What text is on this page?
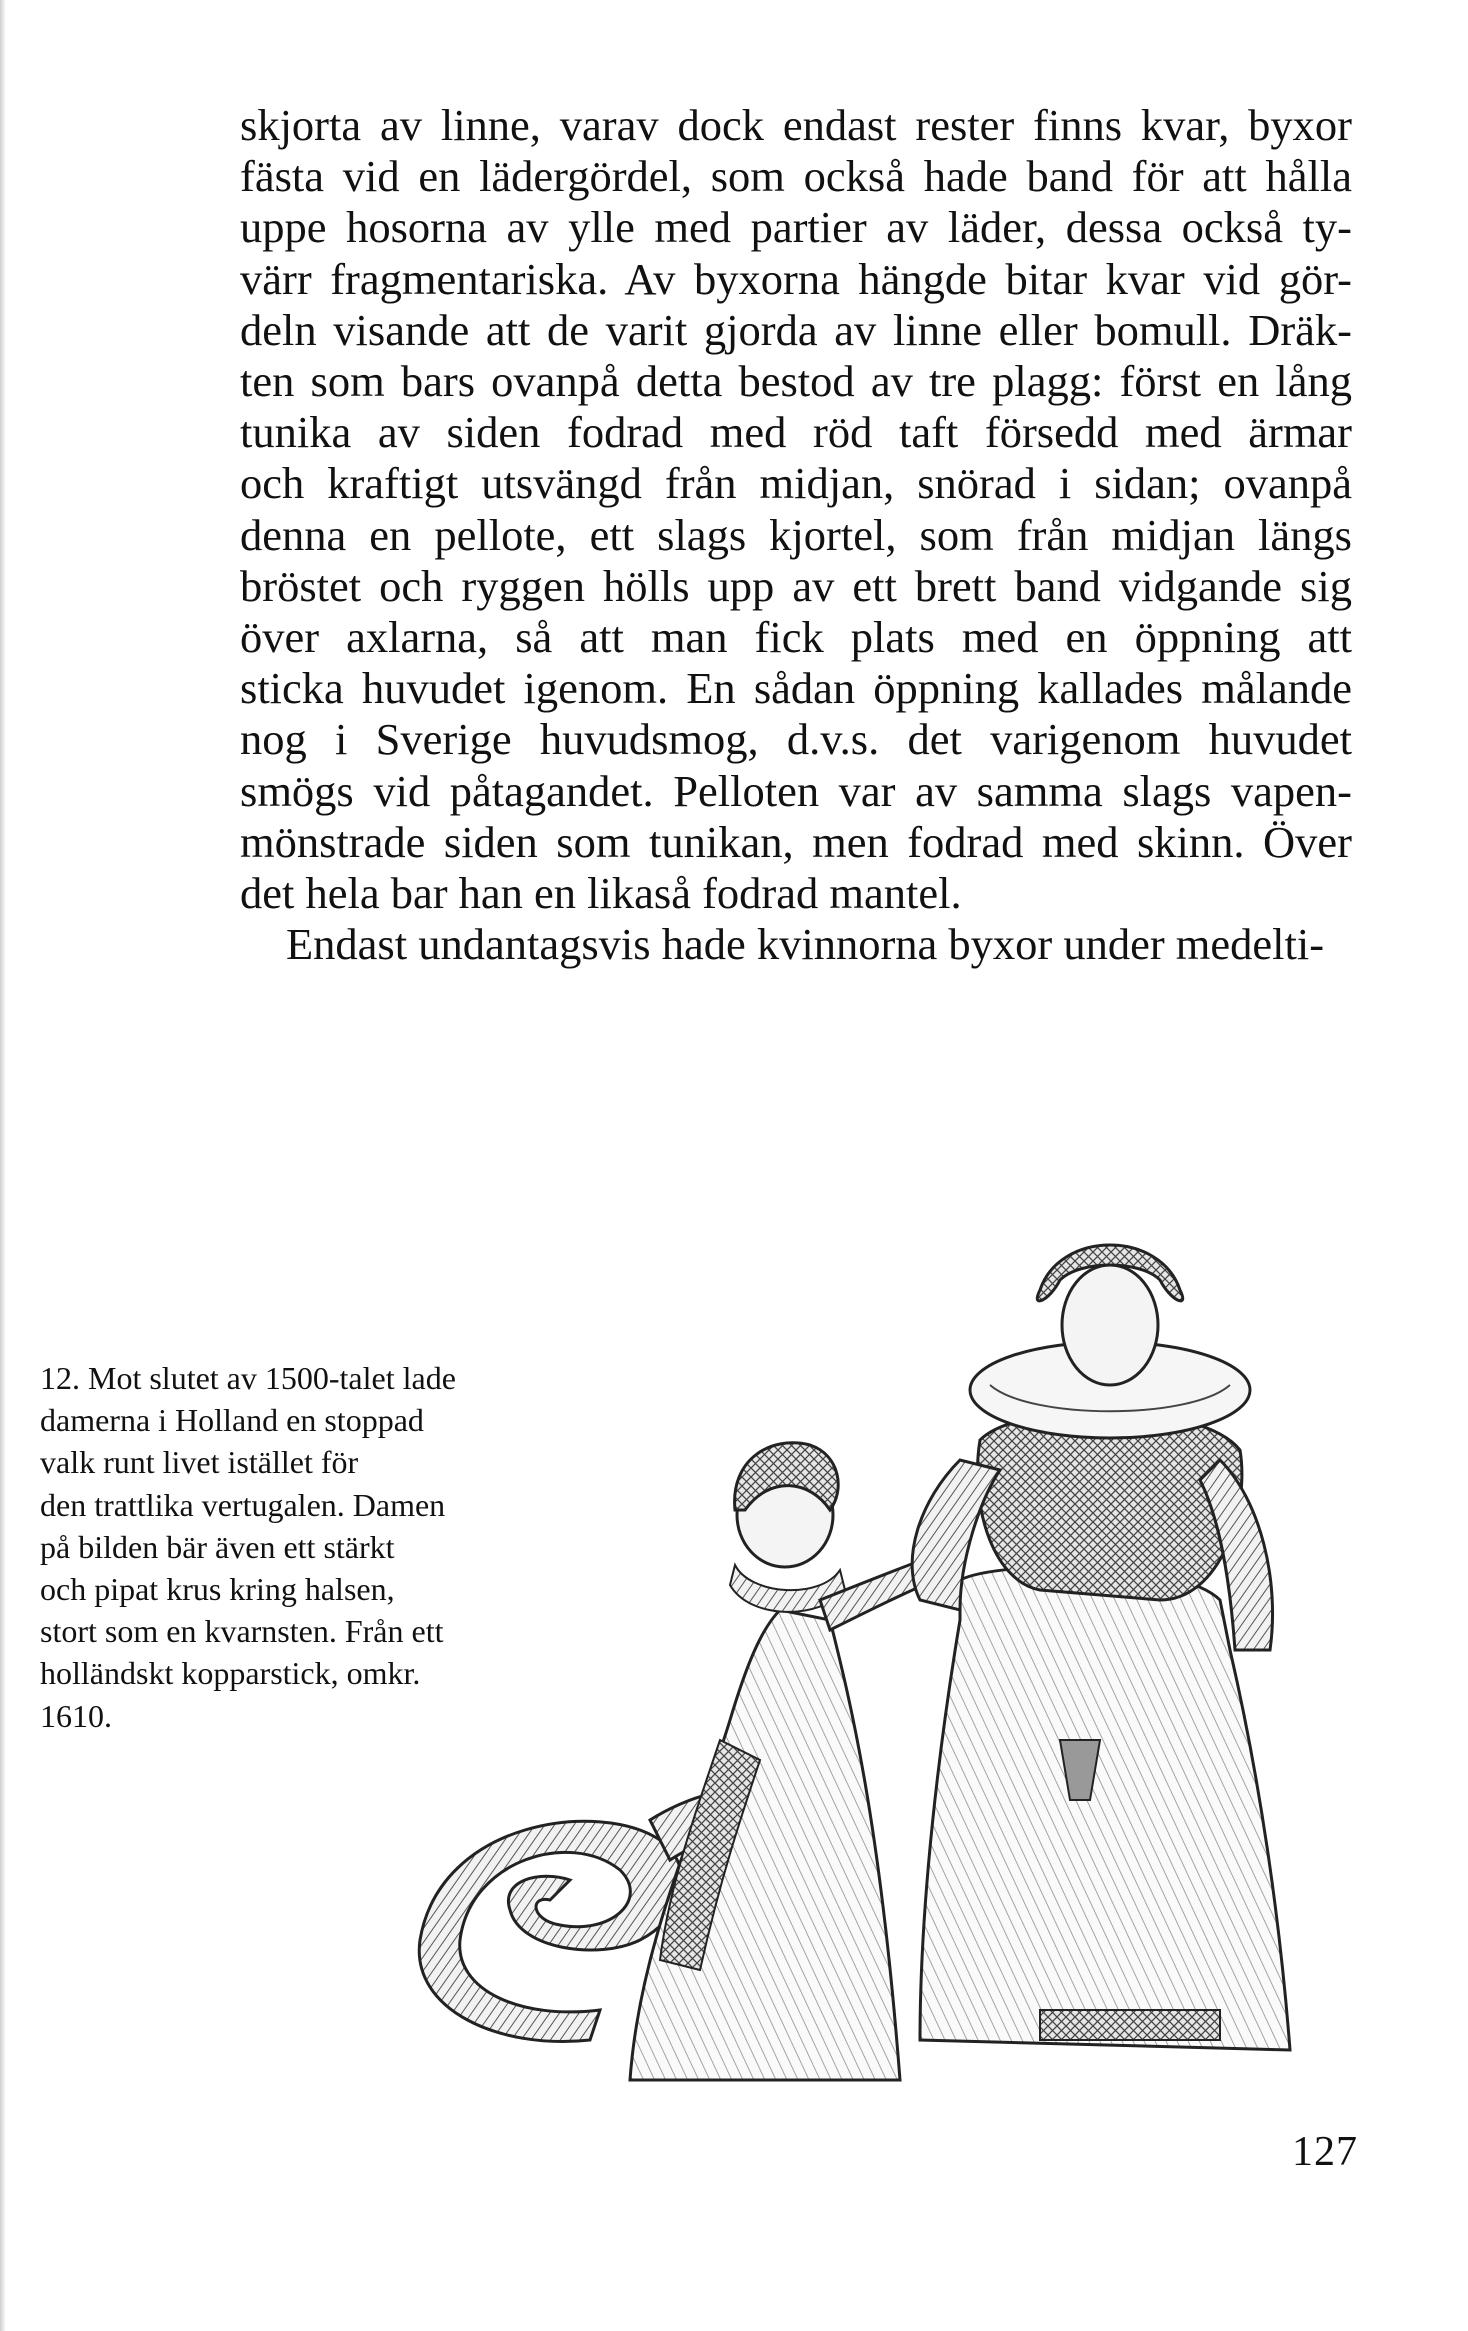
skjorta av linne, varav dock endast rester finns kvar, byxor
fästa vid en lädergördel, som också hade band för att hålla
uppe hosorna av ylle med partier av läder, dessa också ty-
värr fragmentariska. Av byxorna hängde bitar kvar vid gör-
deln visande att de varit gjorda av linne eller bomull. Dräk-
ten som bars ovanpå detta bestod av tre plagg: först en lång
tunika av siden fodrad med röd taft försedd med ärmar
och kraftigt utsvängd från midjan, snörad i sidan; ovanpå
denna en pellote, ett slags kjortel, som från midjan längs
bröstet och ryggen hölls upp av ett brett band vidgande sig
över axlarna, så att man fick plats med en öppning att
sticka huvudet igenom. En sådan öppning kallades målande
nog i Sverige huvudsmog, d.v.s. det varigenom huvudet
smögs vid påtagandet. Pelloten var av samma slags vapen-
mönstrade siden som tunikan, men fodrad med skinn. Över
det hela bar han en likaså fodrad mantel.
Endast undantagsvis hade kvinnorna byxor under medelti-
12. Mot slutet av 1500-talet lade
damerna i Holland en stoppad
valk runt livet istället för
den trattlika vertugalen. Damen
på bilden bär även ett stärkt
och pipat krus kring halsen,
stort som en kvarnsten. Från ett
holländskt kopparstick, omkr.
1610.
127
